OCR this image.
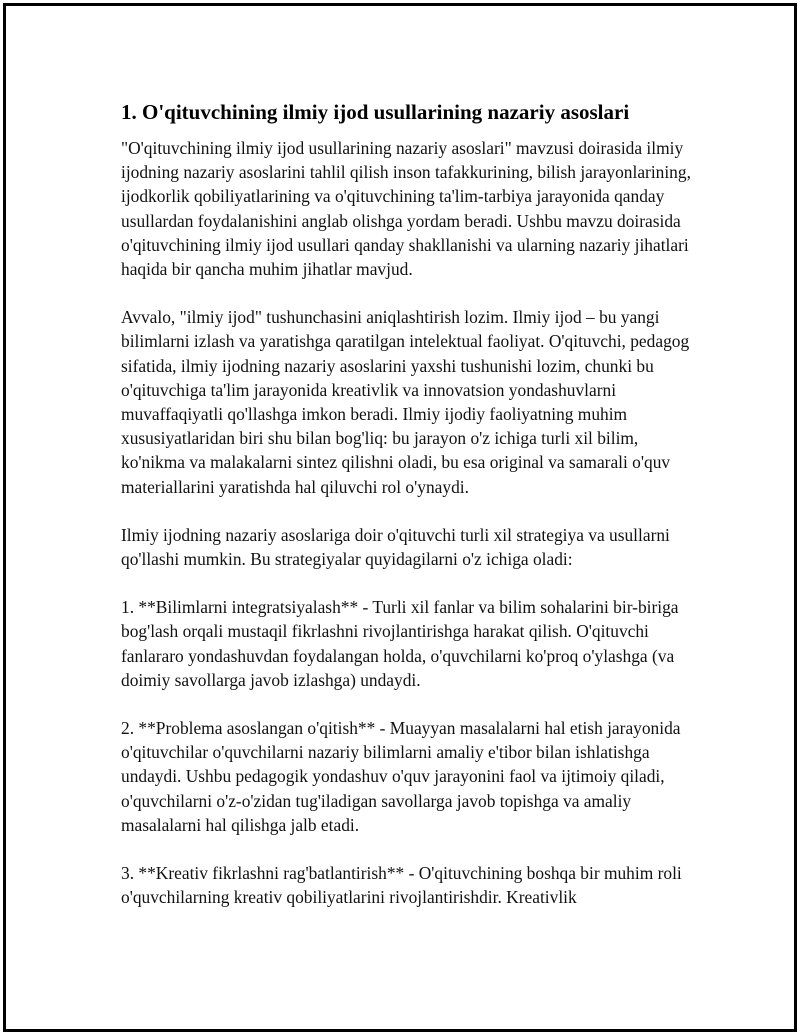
1. O'qituvchining ilmiy ijod usullarining nazariy asoslari

"O'qituvchining ilmiy ijod usullarining nazariy asoslari" mavzusi doirasida ilmiy ijodning nazariy asoslarini tahlil qilish inson tafakkurining, bilish jarayonlarining, ijodkorlik qobiliyatlarining va o'qituvchining ta'lim-tarbiya jarayonida qanday usullardan foydalanishini anglab olishga yordam beradi. Ushbu mavzu doirasida o'qituvchining ilmiy ijod usullari qanday shakllanishi va ularning nazariy jihatlari haqida bir qancha muhim jihatlar mavjud.

Avvalo, "ilmiy ijod" tushunchasini aniqlashtirish lozim. Ilmiy ijod – bu yangi bilimlarni izlash va yaratishga qaratilgan intelektual faoliyat. O'qituvchi, pedagog sifatida, ilmiy ijodning nazariy asoslarini yaxshi tushunishi lozim, chunki bu o'qituvchiga ta'lim jarayonida kreativlik va innovatsion yondashuvlarni muvaffaqiyatli qo'llashga imkon beradi. Ilmiy ijodiy faoliyatning muhim xususiyatlaridan biri shu bilan bog'liq: bu jarayon o'z ichiga turli xil bilim, ko'nikma va malakalarni sintez qilishni oladi, bu esa original va samarali o'quv materiallarini yaratishda hal qiluvchi rol o'ynaydi.

Ilmiy ijodning nazariy asoslariga doir o'qituvchi turli xil strategiya va usullarni qo'llashi mumkin. Bu strategiyalar quyidagilarni o'z ichiga oladi:

1. **Bilimlarni integratsiyalash** - Turli xil fanlar va bilim sohalarini bir-biriga bog'lash orqali mustaqil fikrlashni rivojlantirishga harakat qilish. O'qituvchi fanlararo yondashuvdan foydalangan holda, o'quvchilarni ko'proq o'ylashga (va doimiy savollarga javob izlashga) undaydi.

2. **Problema asoslangan o'qitish** - Muayyan masalalarni hal etish jarayonida o'qituvchilar o'quvchilarni nazariy bilimlarni amaliy e'tibor bilan ishlatishga undaydi. Ushbu pedagogik yondashuv o'quv jarayonini faol va ijtimoiy qiladi, o'quvchilarni o'z-o'zidan tug'iladigan savollarga javob topishga va amaliy masalalarni hal qilishga jalb etadi.

3. **Kreativ fikrlashni rag'batlantirish** - O'qituvchining boshqa bir muhim roli o'quvchilarning kreativ qobiliyatlarini rivojlantirishdir. Kreativlik
